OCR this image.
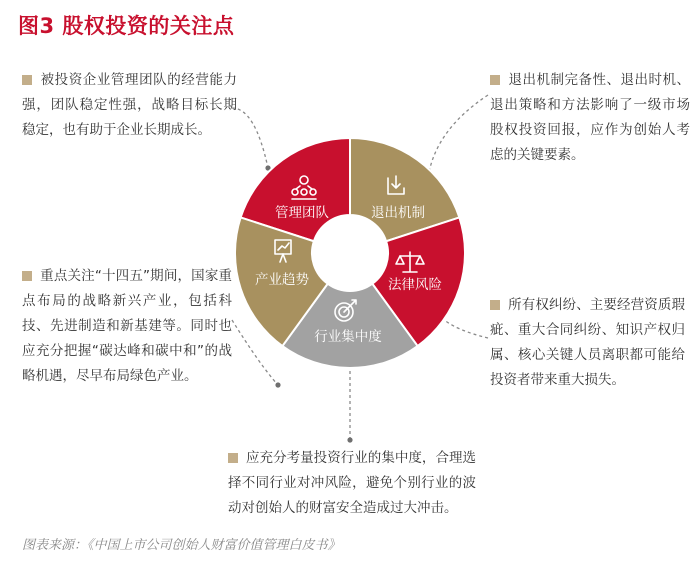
图3 股权投资的关注点
管理团队	退出机制
法律风险
行业集中度
产业趋势
被投资企业管理团队的经营能力强，团队稳定性强，战略目标长期稳定，也有助于企业长期成长。
重点关注“十四五”期间，国家重点布局的战略新兴产业，包括科技、先进制造和新基建等。同时也应充分把握“碳达峰和碳中和”的战略机遇，尽早布局绿色产业。
退出机制完备性、退出时机、退出策略和方法影响了一级市场股权投资回报，应作为创始人考虑的关键要素。
所有权纠纷、主要经营资质瑕疵、重大合同纠纷、知识产权归属、核心关键人员离职都可能给投资者带来重大损失。
应充分考量投资行业的集中度，合理选择不同行业对冲风险，避免个别行业的波动对创始人的财富安全造成过大冲击。
图表来源：《中国上市公司创始人财富价值管理白皮书》
